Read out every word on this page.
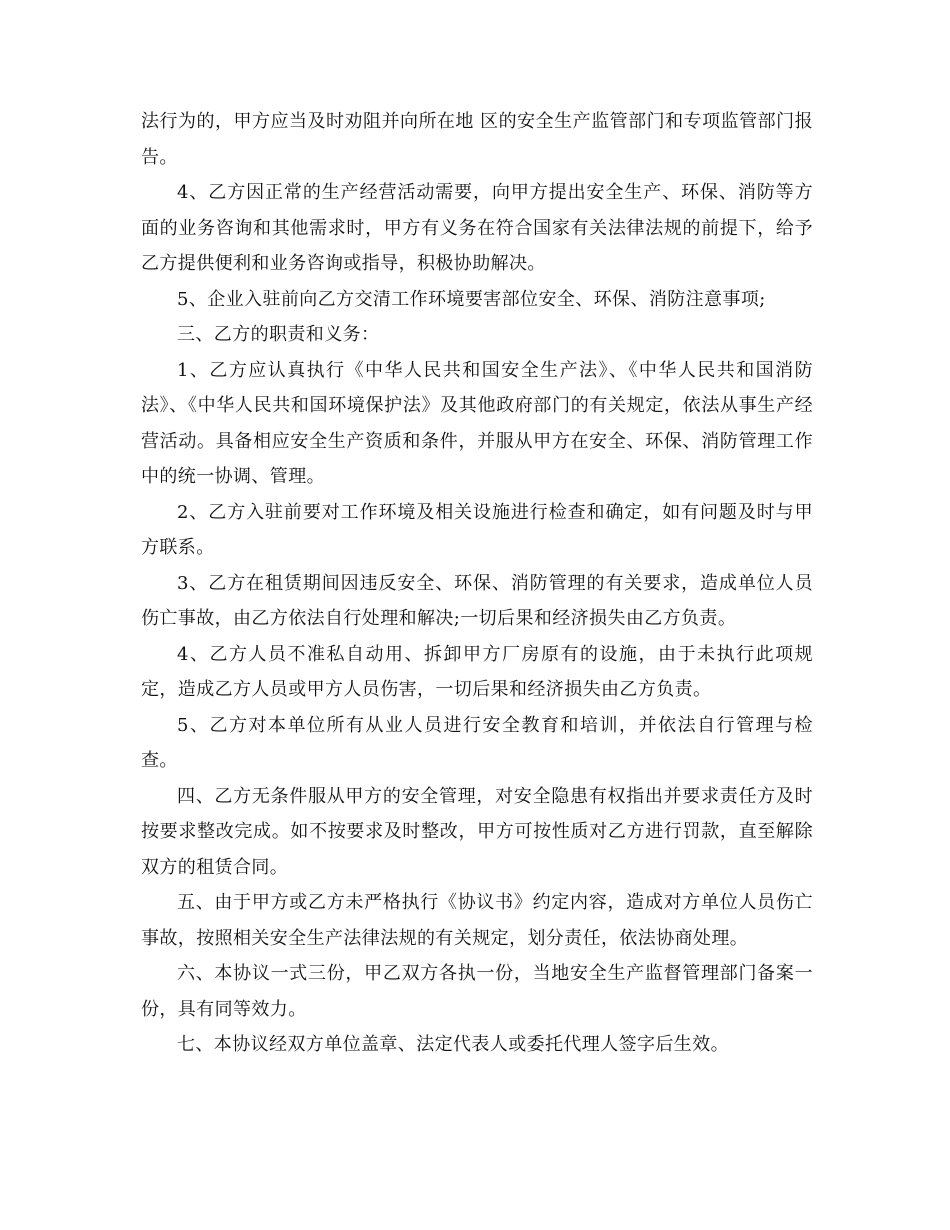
法行为的，甲方应当及时劝阻并向所在地 区的安全生产监管部门和专项监管部门报告。

4、乙方因正常的生产经营活动需要，向甲方提出安全生产、环保、消防等方面的业务咨询和其他需求时，甲方有义务在符合国家有关法律法规的前提下，给予乙方提供便利和业务咨询或指导，积极协助解决。

5、企业入驻前向乙方交清工作环境要害部位安全、环保、消防注意事项;

三、乙方的职责和义务：

1、乙方应认真执行《中华人民共和国安全生产法》、《中华人民共和国消防法》、《中华人民共和国环境保护法》及其他政府部门的有关规定，依法从事生产经营活动。具备相应安全生产资质和条件，并服从甲方在安全、环保、消防管理工作中的统一协调、管理。

2、乙方入驻前要对工作环境及相关设施进行检查和确定，如有问题及时与甲方联系。

3、乙方在租赁期间因违反安全、环保、消防管理的有关要求，造成单位人员伤亡事故，由乙方依法自行处理和解决;一切后果和经济损失由乙方负责。

4、乙方人员不准私自动用、拆卸甲方厂房原有的设施，由于未执行此项规定，造成乙方人员或甲方人员伤害，一切后果和经济损失由乙方负责。

5、乙方对本单位所有从业人员进行安全教育和培训，并依法自行管理与检查。

四、乙方无条件服从甲方的安全管理，对安全隐患有权指出并要求责任方及时按要求整改完成。如不按要求及时整改，甲方可按性质对乙方进行罚款，直至解除双方的租赁合同。

五、由于甲方或乙方未严格执行《协议书》约定内容，造成对方单位人员伤亡事故，按照相关安全生产法律法规的有关规定，划分责任，依法协商处理。

六、本协议一式三份，甲乙双方各执一份，当地安全生产监督管理部门备案一份，具有同等效力。

七、本协议经双方单位盖章、法定代表人或委托代理人签字后生效。
